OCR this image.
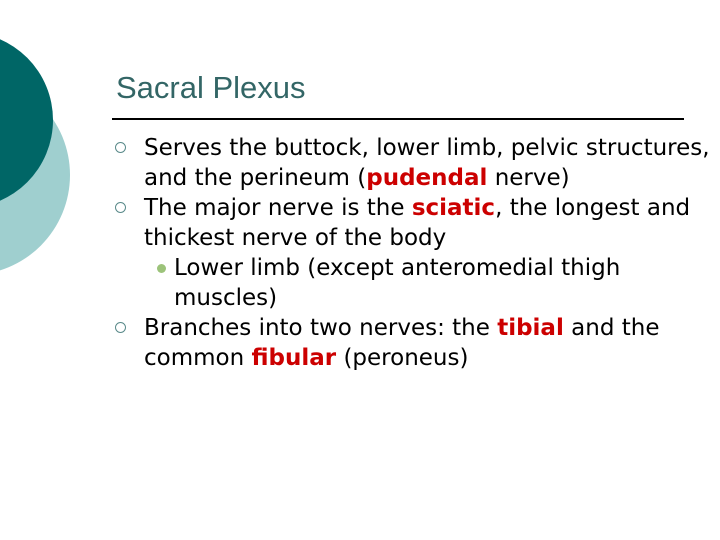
Sacral Plexus

Serves the buttock, lower limb, pelvic structures, and the perineum (pudendal nerve)

The major nerve is the sciatic, the longest and thickest nerve of the body

Lower limb (except anteromedial thigh muscles)

Branches into two nerves: the tibial and the common fibular (peroneus)
